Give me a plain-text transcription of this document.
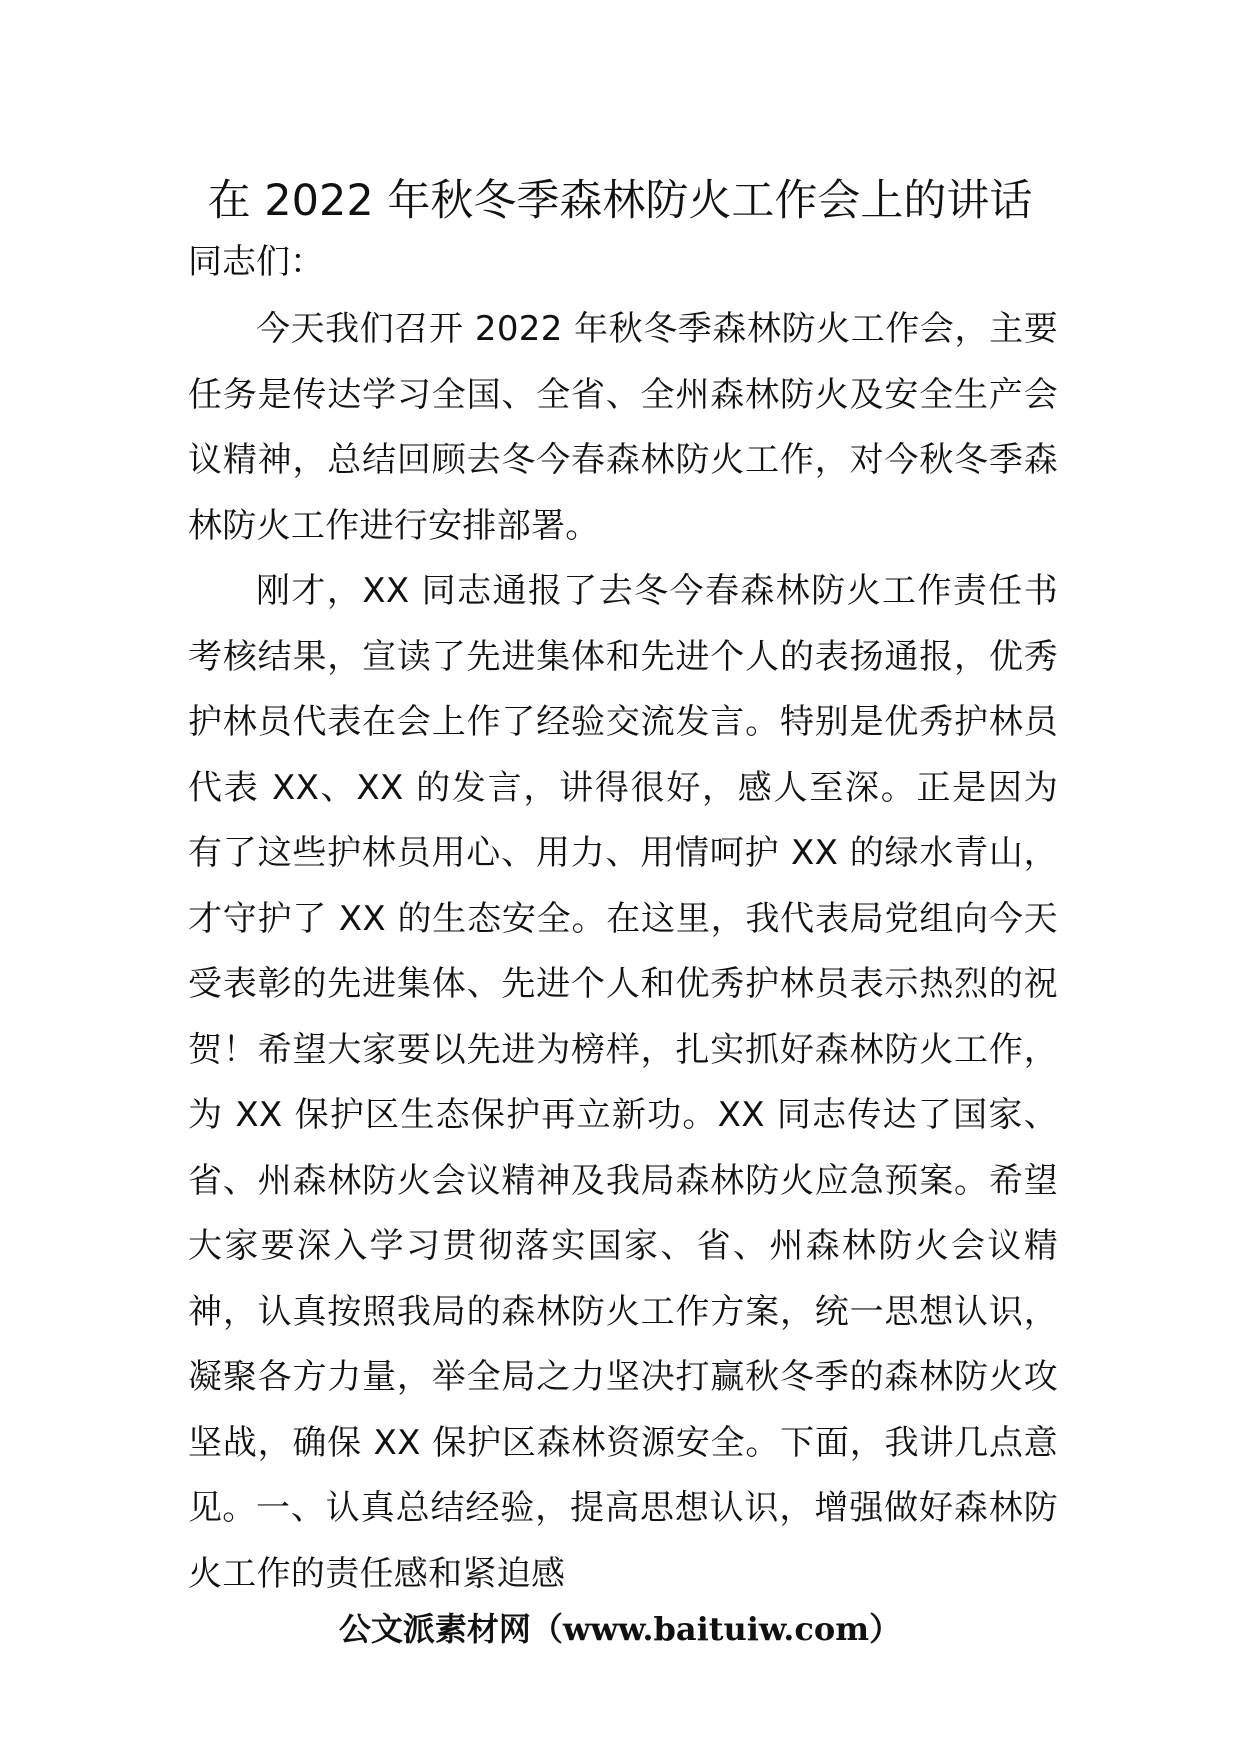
在 2022 年秋冬季森林防火工作会上的讲话

同志们：

今天我们召开 2022 年秋冬季森林防火工作会，主要任务是传达学习全国、全省、全州森林防火及安全生产会议精神，总结回顾去冬今春森林防火工作，对今秋冬季森林防火工作进行安排部署。

刚才，XX 同志通报了去冬今春森林防火工作责任书考核结果，宣读了先进集体和先进个人的表扬通报，优秀护林员代表在会上作了经验交流发言。特别是优秀护林员代表 XX、XX 的发言，讲得很好，感人至深。正是因为有了这些护林员用心、用力、用情呵护 XX 的绿水青山，才守护了 XX 的生态安全。在这里，我代表局党组向今天受表彰的先进集体、先进个人和优秀护林员表示热烈的祝贺！希望大家要以先进为榜样，扎实抓好森林防火工作，为 XX 保护区生态保护再立新功。XX 同志传达了国家、省、州森林防火会议精神及我局森林防火应急预案。希望大家要深入学习贯彻落实国家、省、州森林防火会议精神，认真按照我局的森林防火工作方案，统一思想认识，凝聚各方力量，举全局之力坚决打赢秋冬季的森林防火攻坚战，确保 XX 保护区森林资源安全。下面，我讲几点意见。 一、认真总结经验，提高思想认识，增强做好森林防火工作的责任感和紧迫感

公文派素材网（www.baituiw.com）
